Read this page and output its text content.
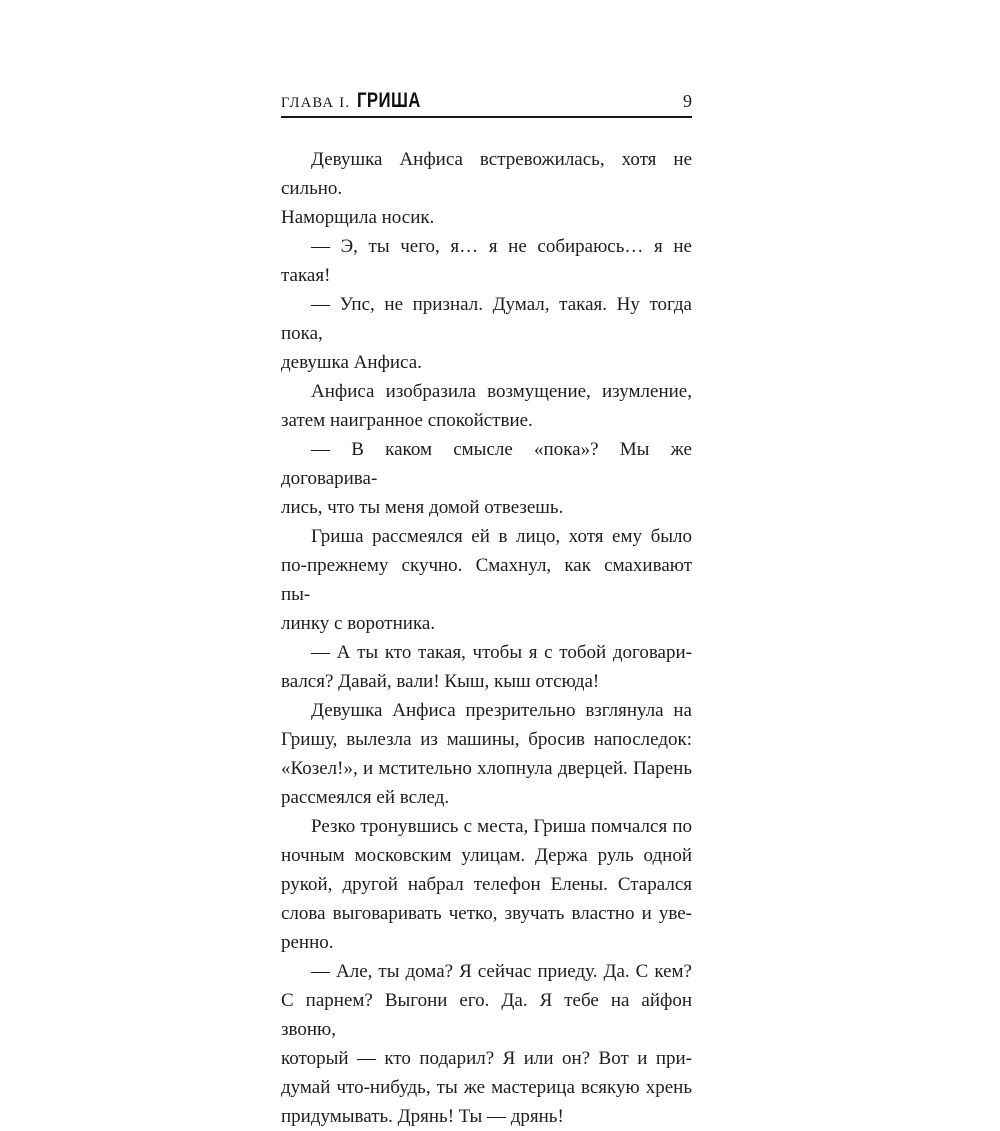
ГЛАВА I. ГРИША	9
Девушка Анфиса встревожилась, хотя не сильно.
Наморщила носик.
— Э, ты чего, я… я не собираюсь… я не такая!
— Упс, не признал. Думал, такая. Ну тогда пока,
девушка Анфиса.
Анфиса изобразила возмущение, изумление,
затем наигранное спокойствие.
— В каком смысле «пока»? Мы же договарива-
лись, что ты меня домой отвезешь.
Гриша рассмеялся ей в лицо, хотя ему было
по-прежнему скучно. Смахнул, как смахивают пы-
линку с воротника.
— А ты кто такая, чтобы я с тобой договари-
вался? Давай, вали! Кыш, кыш отсюда!
Девушка Анфиса презрительно взглянула на
Гришу, вылезла из машины, бросив напоследок:
«Козел!», и мстительно хлопнула дверцей. Парень
рассмеялся ей вслед.
Резко тронувшись с места, Гриша помчался по
ночным московским улицам. Держа руль одной
рукой, другой набрал телефон Елены. Старался
слова выговаривать четко, звучать властно и уве-
ренно.
— Але, ты дома? Я сейчас приеду. Да. С кем?
С парнем? Выгони его. Да. Я тебе на айфон звоню,
который — кто подарил? Я или он? Вот и при-
думай что-нибудь, ты же мастерица всякую хрень
придумывать. Дрянь! Ты — дрянь!
